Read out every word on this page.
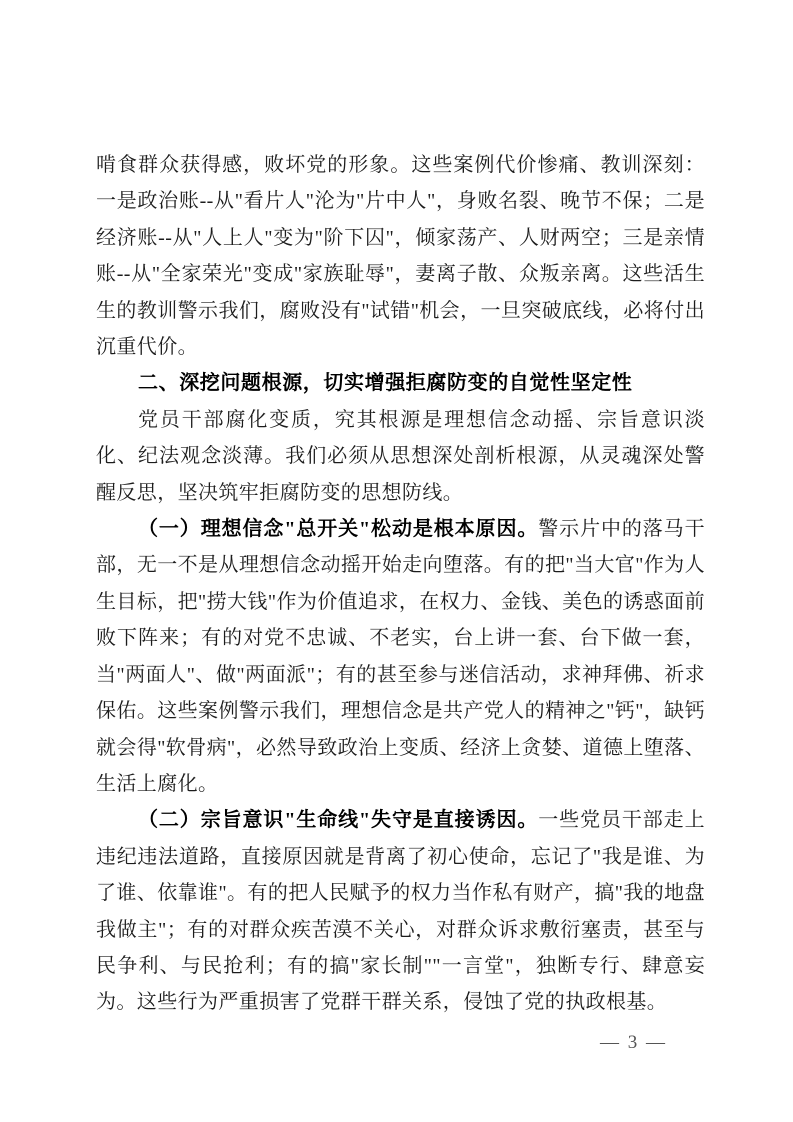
啃食群众获得感，败坏党的形象。这些案例代价惨痛、教训深刻：一是政治账--从"看片人"沦为"片中人"，身败名裂、晚节不保；二是经济账--从"人上人"变为"阶下囚"，倾家荡产、人财两空；三是亲情账--从"全家荣光"变成"家族耻辱"，妻离子散、众叛亲离。这些活生生的教训警示我们，腐败没有"试错"机会，一旦突破底线，必将付出沉重代价。

二、深挖问题根源，切实增强拒腐防变的自觉性坚定性

党员干部腐化变质，究其根源是理想信念动摇、宗旨意识淡化、纪法观念淡薄。我们必须从思想深处剖析根源，从灵魂深处警醒反思，坚决筑牢拒腐防变的思想防线。

（一）理想信念"总开关"松动是根本原因。警示片中的落马干部，无一不是从理想信念动摇开始走向堕落。有的把"当大官"作为人生目标，把"捞大钱"作为价值追求，在权力、金钱、美色的诱惑面前败下阵来；有的对党不忠诚、不老实，台上讲一套、台下做一套，当"两面人"、做"两面派"；有的甚至参与迷信活动，求神拜佛、祈求保佑。这些案例警示我们，理想信念是共产党人的精神之"钙"，缺钙就会得"软骨病"，必然导致政治上变质、经济上贪婪、道德上堕落、生活上腐化。

（二）宗旨意识"生命线"失守是直接诱因。一些党员干部走上违纪违法道路，直接原因就是背离了初心使命，忘记了"我是谁、为了谁、依靠谁"。有的把人民赋予的权力当作私有财产，搞"我的地盘我做主"；有的对群众疾苦漠不关心，对群众诉求敷衍塞责，甚至与民争利、与民抢利；有的搞"家长制""一言堂"，独断专行、肆意妄为。这些行为严重损害了党群干群关系，侵蚀了党的执政根基。

— 3 —
